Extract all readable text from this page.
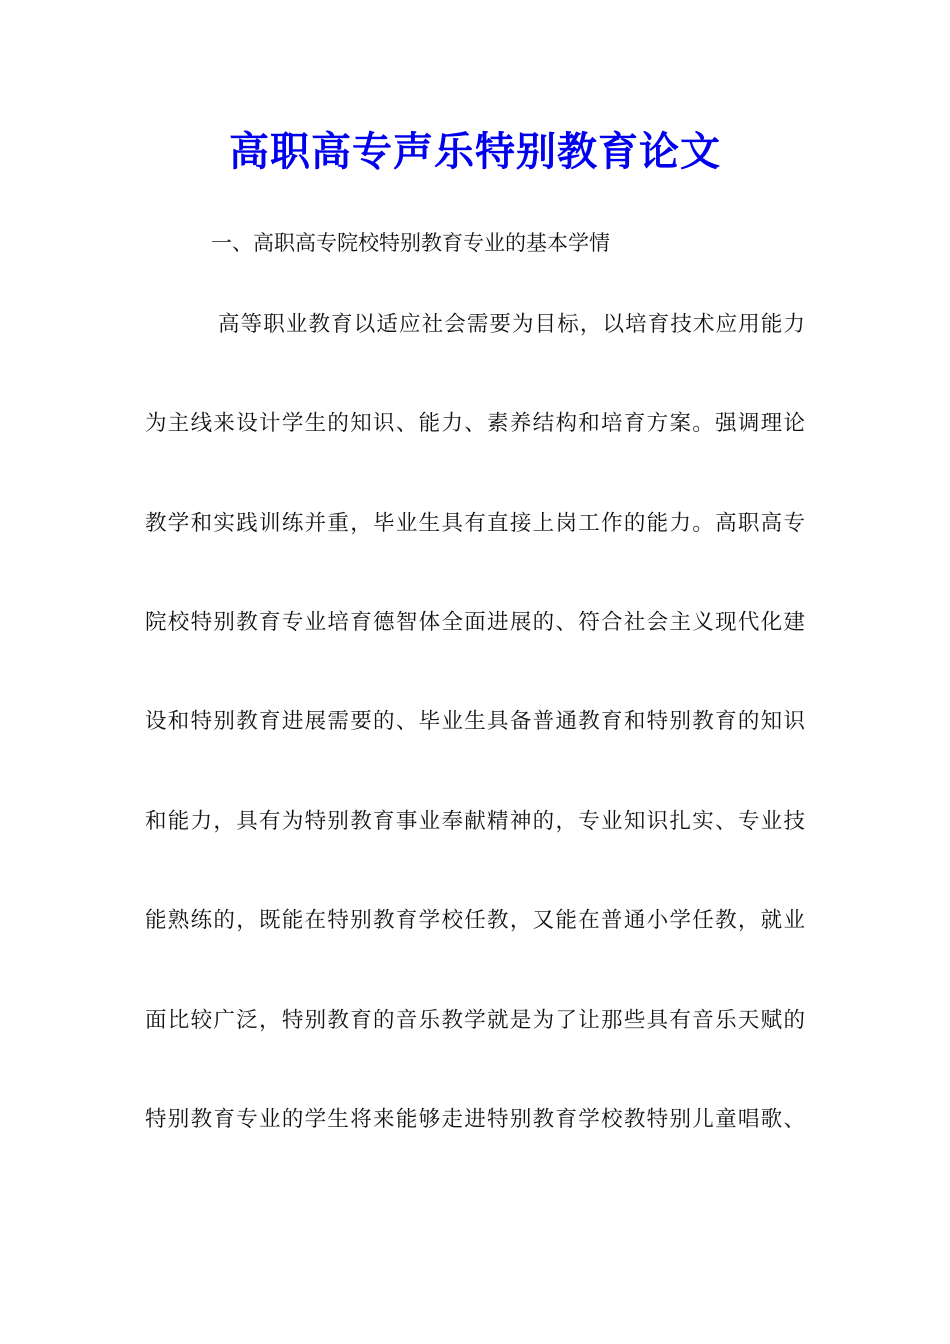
高职高专声乐特别教育论文

一、高职高专院校特别教育专业的基本学情

高等职业教育以适应社会需要为目标，以培育技术应用能力

为主线来设计学生的知识、能力、素养结构和培育方案。强调理论

教学和实践训练并重，毕业生具有直接上岗工作的能力。高职高专

院校特别教育专业培育德智体全面进展的、符合社会主义现代化建

设和特别教育进展需要的、毕业生具备普通教育和特别教育的知识

和能力，具有为特别教育事业奉献精神的，专业知识扎实、专业技

能熟练的，既能在特别教育学校任教，又能在普通小学任教，就业

面比较广泛，特别教育的音乐教学就是为了让那些具有音乐天赋的

特别教育专业的学生将来能够走进特别教育学校教特别儿童唱歌、
